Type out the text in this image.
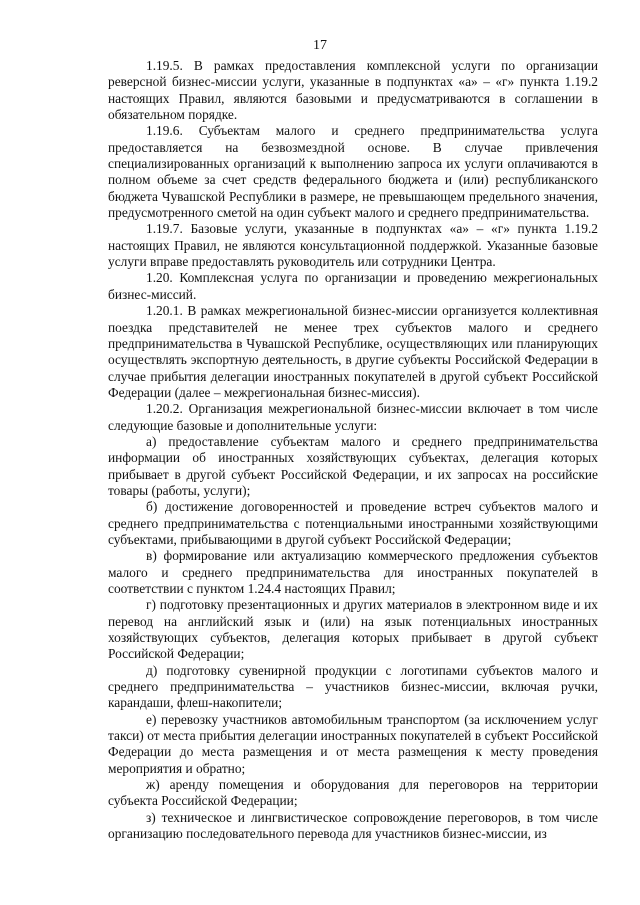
17

1.19.5. В рамках предоставления комплексной услуги по организации реверсной бизнес-миссии услуги, указанные в подпунктах «а» – «г» пункта 1.19.2 настоящих Правил, являются базовыми и предусматриваются в соглашении в обязательном порядке.

1.19.6. Субъектам малого и среднего предпринимательства услуга предоставляется на безвозмездной основе. В случае привлечения специализированных организаций к выполнению запроса их услуги оплачиваются в полном объеме за счет средств федерального бюджета и (или) республиканского бюджета Чувашской Республики в размере, не превышающем предельного значения, предусмотренного сметой на один субъект малого и среднего предпринимательства.

1.19.7. Базовые услуги, указанные в подпунктах «а» – «г» пункта 1.19.2 настоящих Правил, не являются консультационной поддержкой. Указанные базовые услуги вправе предоставлять руководитель или сотрудники Центра.

1.20. Комплексная услуга по организации и проведению межрегиональных бизнес-миссий.

1.20.1. В рамках межрегиональной бизнес-миссии организуется коллективная поездка представителей не менее трех субъектов малого и среднего предпринимательства в Чувашской Республике, осуществляющих или планирующих осуществлять экспортную деятельность, в другие субъекты Российской Федерации в случае прибытия делегации иностранных покупателей в другой субъект Российской Федерации (далее – межрегиональная бизнес-миссия).

1.20.2. Организация межрегиональной бизнес-миссии включает в том числе следующие базовые и дополнительные услуги:

а) предоставление субъектам малого и среднего предпринимательства информации об иностранных хозяйствующих субъектах, делегация которых прибывает в другой субъект Российской Федерации, и их запросах на российские товары (работы, услуги);

б) достижение договоренностей и проведение встреч субъектов малого и среднего предпринимательства с потенциальными иностранными хозяйствующими субъектами, прибывающими в другой субъект Российской Федерации;

в) формирование или актуализацию коммерческого предложения субъектов малого и среднего предпринимательства для иностранных покупателей в соответствии с пунктом 1.24.4 настоящих Правил;

г) подготовку презентационных и других материалов в электронном виде и их перевод на английский язык и (или) на язык потенциальных иностранных хозяйствующих субъектов, делегация которых прибывает в другой субъект Российской Федерации;

д) подготовку сувенирной продукции с логотипами субъектов малого и среднего предпринимательства – участников бизнес-миссии, включая ручки, карандаши, флеш-накопители;

е) перевозку участников автомобильным транспортом (за исключением услуг такси) от места прибытия делегации иностранных покупателей в субъект Российской Федерации до места размещения и от места размещения к месту проведения мероприятия и обратно;

ж) аренду помещения и оборудования для переговоров на территории субъекта Российской Федерации;

з) техническое и лингвистическое сопровождение переговоров, в том числе организацию последовательного перевода для участников бизнес-миссии, из
